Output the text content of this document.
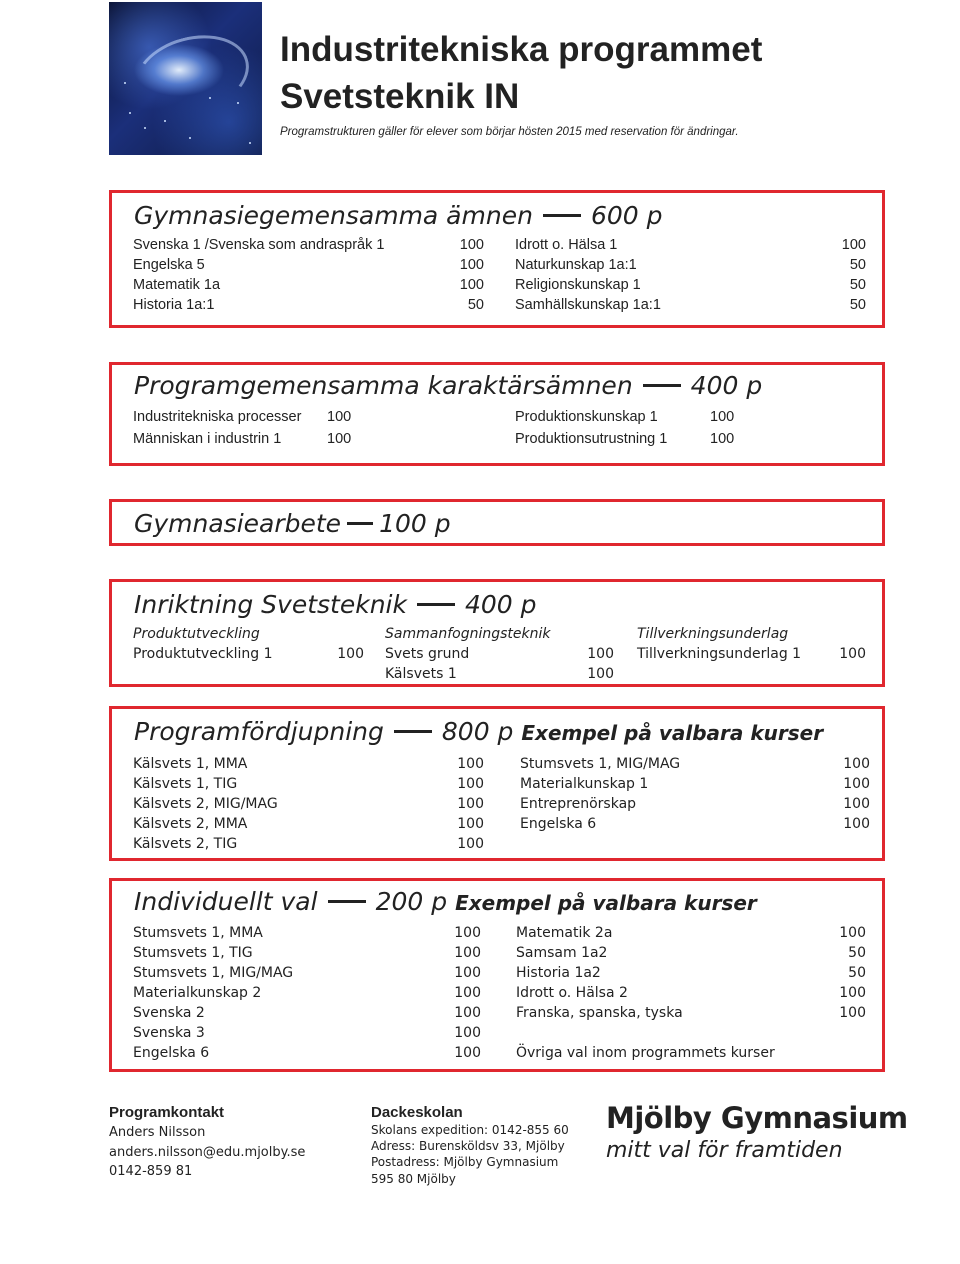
Industritekniska programmet
Svetsteknik IN
Programstrukturen gäller för elever som börjar hösten 2015 med reservation för ändringar.
Gymnasiegemensamma ämnen 600 p
Svenska 1 /Svenska som andraspråk 1	100
Engelska 5	100
Matematik 1a	100
Historia 1a:1	50
Idrott o. Hälsa 1	100
Naturkunskap 1a:1	50
Religionskunskap 1	50
Samhällskunskap 1a:1	50
Programgemensamma karaktärsämnen 400 p
Industritekniska processer 100
Människan i industrin 1	100
Produktionskunskap 1	100
Produktionsutrustning 1	100
Gymnasiearbete 100 p
Inriktning Svetsteknik 400 p
Produktutveckling
Produktutveckling 1	100
Sammanfogningsteknik
Svets grund	100
Kälsvets 1	100
Tillverkningsunderlag
Tillverkningsunderlag 1	100
Programfördjupning 800 p Exempel på valbara kurser
Kälsvets 1, MMA	100
Kälsvets 1, TIG	100
Kälsvets 2, MIG/MAG	100
Kälsvets 2, MMA	100
Kälsvets 2, TIG	100
Stumsvets 1, MIG/MAG	100
Materialkunskap 1	100
Entreprenörskap	100
Engelska 6	100
Individuellt val 200 p Exempel på valbara kurser
Stumsvets 1, MMA	100
Stumsvets 1, TIG	100
Stumsvets 1, MIG/MAG	100
Materialkunskap 2	100
Svenska 2	100
Svenska 3	100
Engelska 6	100
Matematik 2a	100
Samsam 1a2	50
Historia 1a2	50
Idrott o. Hälsa 2	100
Franska, spanska, tyska	100
Övriga val inom programmets kurser
Programkontakt
Anders Nilsson
anders.nilsson@edu.mjolby.se
0142-859 81
Dackeskolan
Skolans expedition: 0142-855 60
Adress: Burensköldsv 33, Mjölby
Postadress: Mjölby Gymnasium
595 80 Mjölby
Mjölby Gymnasium
mitt val för framtiden
